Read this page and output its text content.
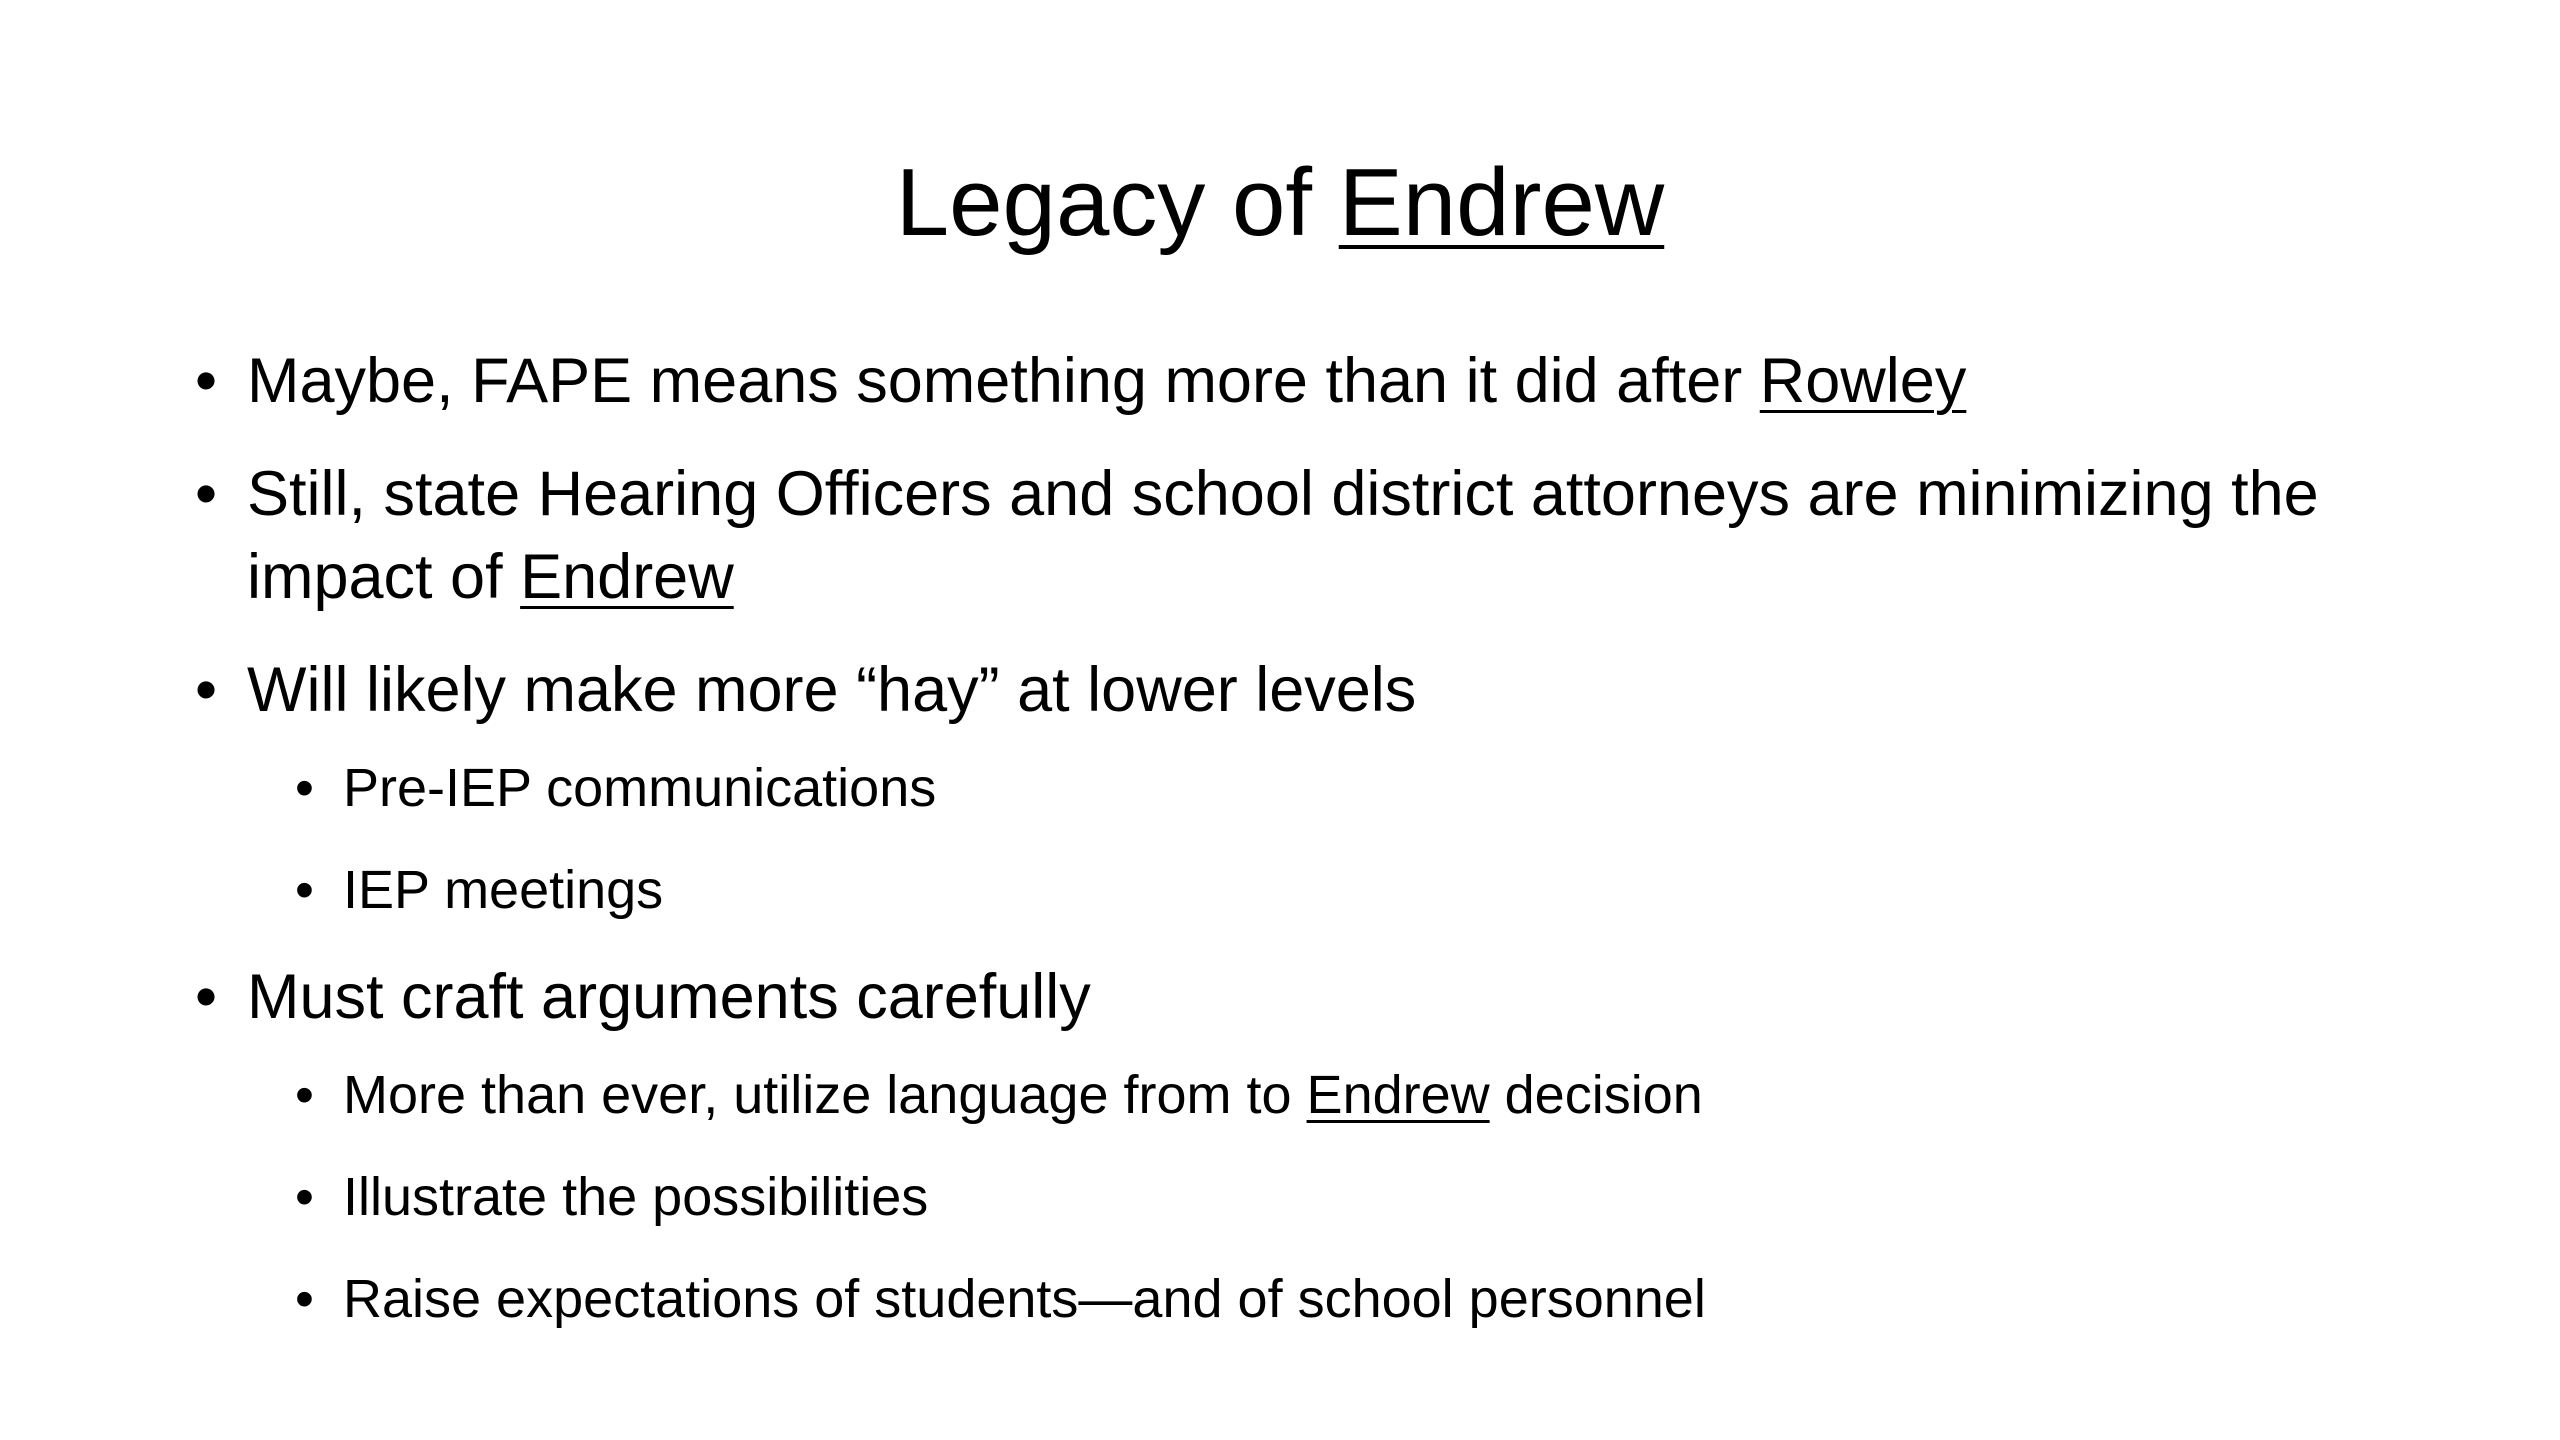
Legacy of Endrew
• Maybe, FAPE means something more than it did after Rowley
• Still, state Hearing Officers and school district attorneys are minimizing the impact of Endrew
• Will likely make more “hay” at lower levels
• Pre-IEP communications
• IEP meetings
• Must craft arguments carefully
• More than ever, utilize language from to Endrew decision
• Illustrate the possibilities
• Raise expectations of students—and of school personnel
